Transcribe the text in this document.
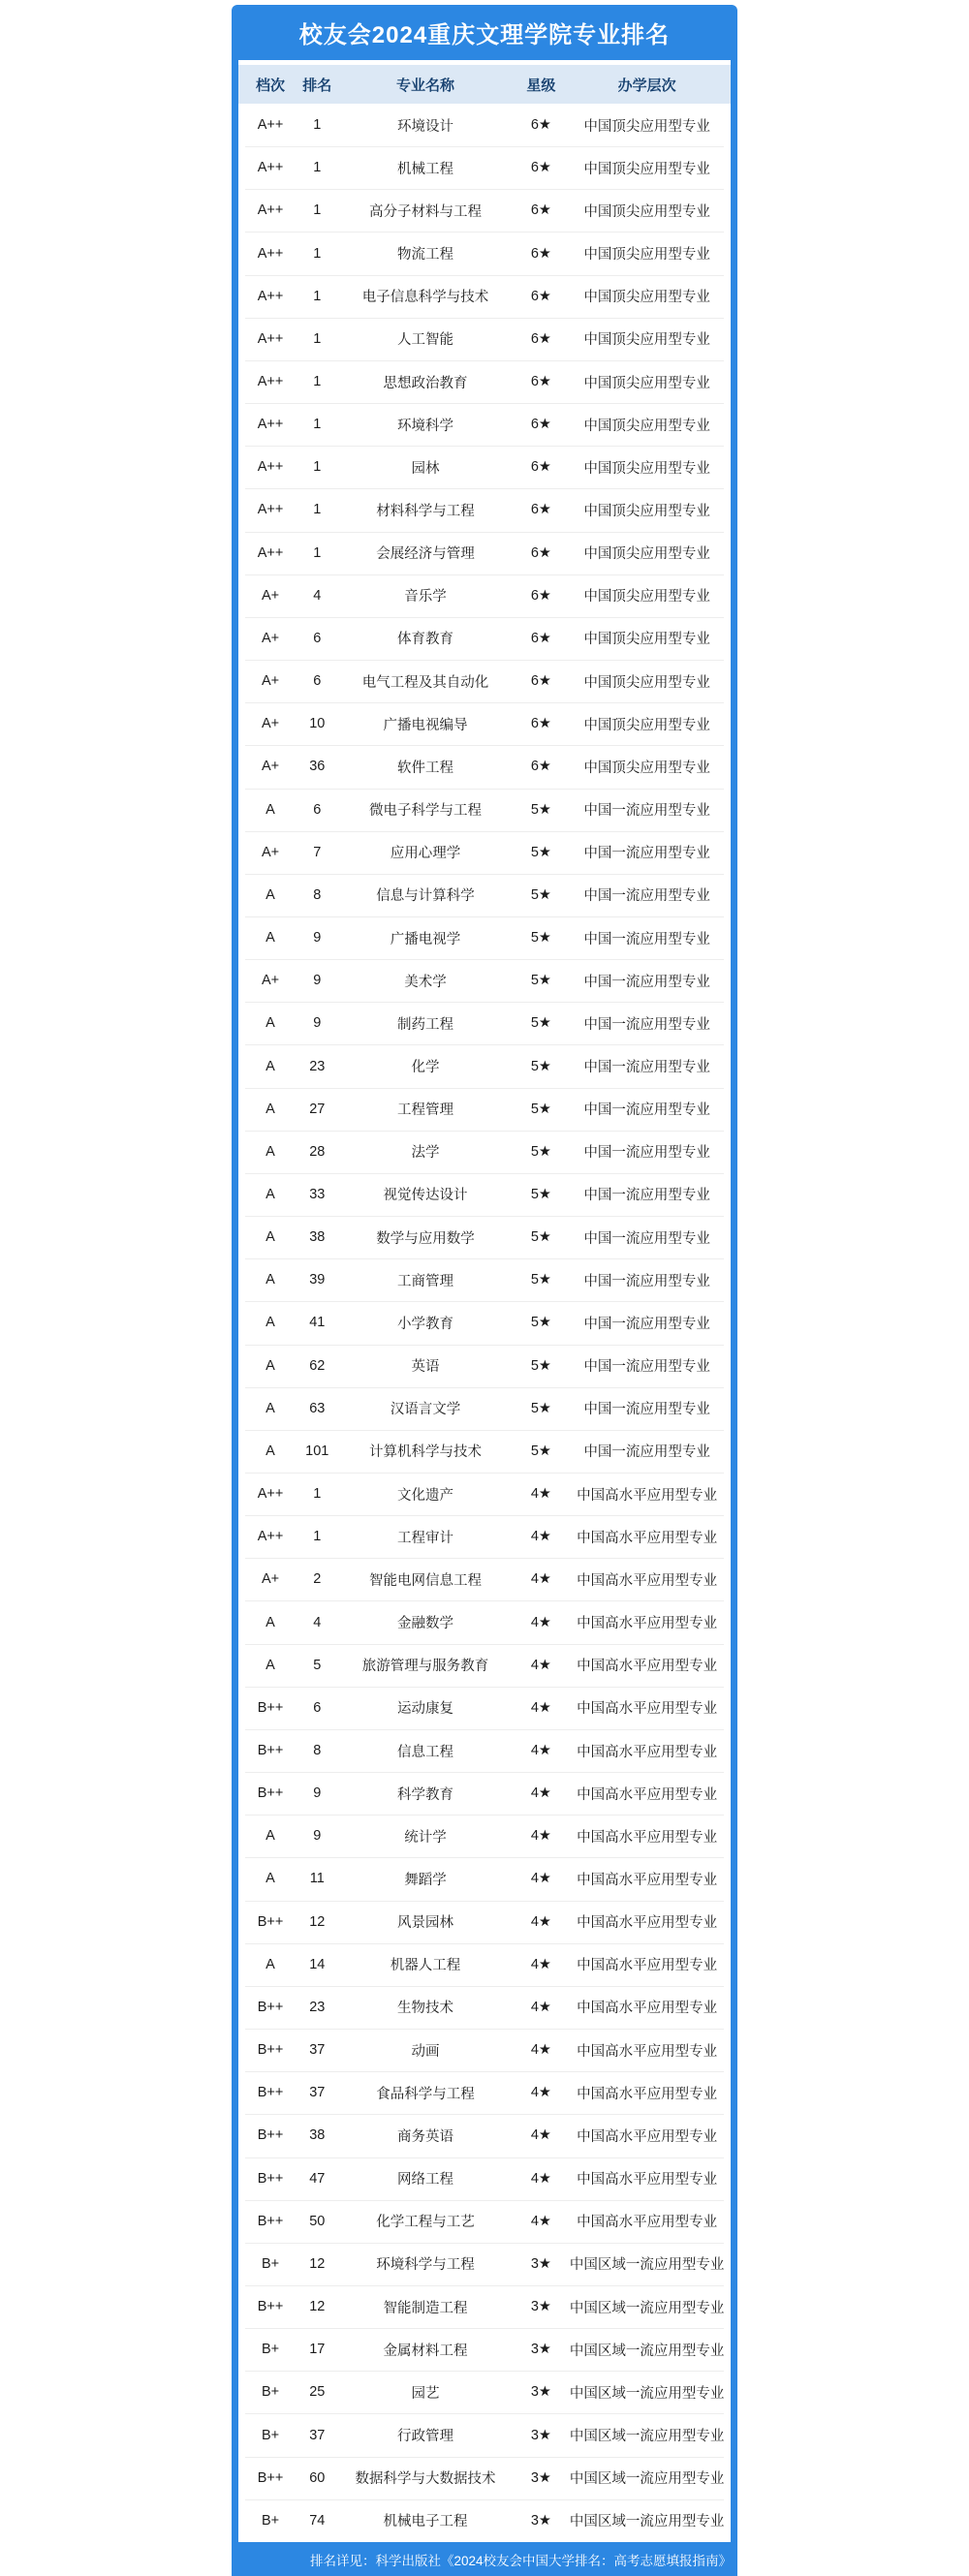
校友会2024重庆文理学院专业排名
档次	排名	专业名称	星级	办学层次
A++	1	环境设计	6★	中国顶尖应用型专业
A++	1	机械工程	6★	中国顶尖应用型专业
A++	1	高分子材料与工程	6★	中国顶尖应用型专业
A++	1	物流工程	6★	中国顶尖应用型专业
A++	1	电子信息科学与技术	6★	中国顶尖应用型专业
A++	1	人工智能	6★	中国顶尖应用型专业
A++	1	思想政治教育	6★	中国顶尖应用型专业
A++	1	环境科学	6★	中国顶尖应用型专业
A++	1	园林	6★	中国顶尖应用型专业
A++	1	材料科学与工程	6★	中国顶尖应用型专业
A++	1	会展经济与管理	6★	中国顶尖应用型专业
A+	4	音乐学	6★	中国顶尖应用型专业
A+	6	体育教育	6★	中国顶尖应用型专业
A+	6	电气工程及其自动化	6★	中国顶尖应用型专业
A+	10	广播电视编导	6★	中国顶尖应用型专业
A+	36	软件工程	6★	中国顶尖应用型专业
A	6	微电子科学与工程	5★	中国一流应用型专业
A+	7	应用心理学	5★	中国一流应用型专业
A	8	信息与计算科学	5★	中国一流应用型专业
A	9	广播电视学	5★	中国一流应用型专业
A+	9	美术学	5★	中国一流应用型专业
A	9	制药工程	5★	中国一流应用型专业
A	23	化学	5★	中国一流应用型专业
A	27	工程管理	5★	中国一流应用型专业
A	28	法学	5★	中国一流应用型专业
A	33	视觉传达设计	5★	中国一流应用型专业
A	38	数学与应用数学	5★	中国一流应用型专业
A	39	工商管理	5★	中国一流应用型专业
A	41	小学教育	5★	中国一流应用型专业
A	62	英语	5★	中国一流应用型专业
A	63	汉语言文学	5★	中国一流应用型专业
A	101	计算机科学与技术	5★	中国一流应用型专业
A++	1	文化遗产	4★	中国高水平应用型专业
A++	1	工程审计	4★	中国高水平应用型专业
A+	2	智能电网信息工程	4★	中国高水平应用型专业
A	4	金融数学	4★	中国高水平应用型专业
A	5	旅游管理与服务教育	4★	中国高水平应用型专业
B++	6	运动康复	4★	中国高水平应用型专业
B++	8	信息工程	4★	中国高水平应用型专业
B++	9	科学教育	4★	中国高水平应用型专业
A	9	统计学	4★	中国高水平应用型专业
A	11	舞蹈学	4★	中国高水平应用型专业
B++	12	风景园林	4★	中国高水平应用型专业
A	14	机器人工程	4★	中国高水平应用型专业
B++	23	生物技术	4★	中国高水平应用型专业
B++	37	动画	4★	中国高水平应用型专业
B++	37	食品科学与工程	4★	中国高水平应用型专业
B++	38	商务英语	4★	中国高水平应用型专业
B++	47	网络工程	4★	中国高水平应用型专业
B++	50	化学工程与工艺	4★	中国高水平应用型专业
B+	12	环境科学与工程	3★	中国区域一流应用型专业
B++	12	智能制造工程	3★	中国区域一流应用型专业
B+	17	金属材料工程	3★	中国区域一流应用型专业
B+	25	园艺	3★	中国区域一流应用型专业
B+	37	行政管理	3★	中国区域一流应用型专业
B++	60	数据科学与大数据技术	3★	中国区域一流应用型专业
B+	74	机械电子工程	3★	中国区域一流应用型专业
排名详见：科学出版社《2024校友会中国大学排名：高考志愿填报指南》
